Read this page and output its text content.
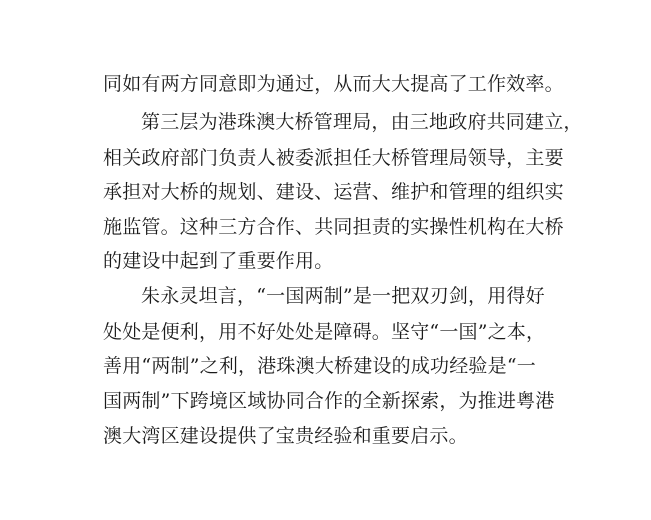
同如有两方同意即为通过，从而大大提高了工作效率。
第三层为港珠澳大桥管理局，由三地政府共同建立，
相关政府部门负责人被委派担任大桥管理局领导，主要
承担对大桥的规划、建设、运营、维护和管理的组织实
施监管。这种三方合作、共同担责的实操性机构在大桥
的建设中起到了重要作用。
朱永灵坦言，“一国两制”是一把双刃剑，用得好
处处是便利，用不好处处是障碍。坚守“一国”之本，
善用“两制”之利，港珠澳大桥建设的成功经验是“一
国两制”下跨境区域协同合作的全新探索，为推进粤港
澳大湾区建设提供了宝贵经验和重要启示。
